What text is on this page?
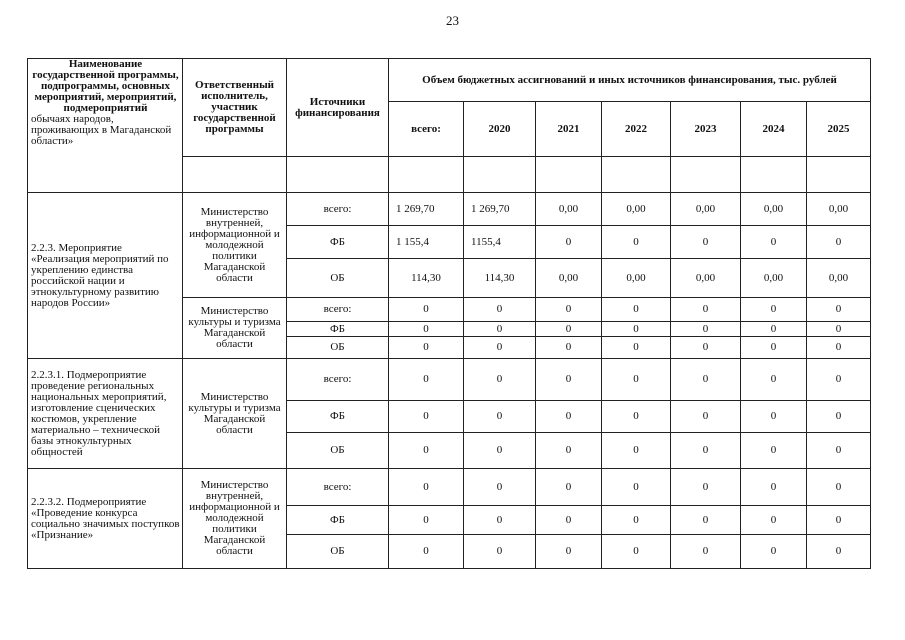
23
Наименование государственной программы, подпрограммы, основных мероприятий, мероприятий, подмероприятий
обычаях народов, проживающих в Магаданской области»	Ответственный исполнитель, участник государственной программы	Источники финансирования	Объем бюджетных ассигнований и иных источников финансирования, тыс. рублей						
			всего:	2020	2021	2022	2023	2024	2025

2.2.3. Мероприятие «Реализация мероприятий по укреплению единства российской нации и этнокультурному развитию народов России»	Министерство внутренней, информационной и молодежной политики Магаданской области	всего:	1 269,70	1 269,70	0,00	0,00	0,00	0,00	0,00
		ФБ	1 155,4	1155,4	0	0	0	0	0
		ОБ	114,30	114,30	0,00	0,00	0,00	0,00	0,00
	Министерство культуры и туризма Магаданской области	всего:	0	0	0	0	0	0	0
		ФБ	0	0	0	0	0	0	0
		ОБ	0	0	0	0	0	0	0
2.2.3.1. Подмероприятие проведение региональных национальных мероприятий, изготовление сценических костюмов, укрепление материально – технической базы этнокультурных общностей	Министерство культуры и туризма Магаданской области	всего:	0	0	0	0	0	0	0
		ФБ	0	0	0	0	0	0	0
		ОБ	0	0	0	0	0	0	0
2.2.3.2. Подмероприятие «Проведение конкурса социально значимых поступков «Признание»	Министерство внутренней, информационной и молодежной политики Магаданской области	всего:	0	0	0	0	0	0	0
		ФБ	0	0	0	0	0	0	0
		ОБ	0	0	0	0	0	0	0
